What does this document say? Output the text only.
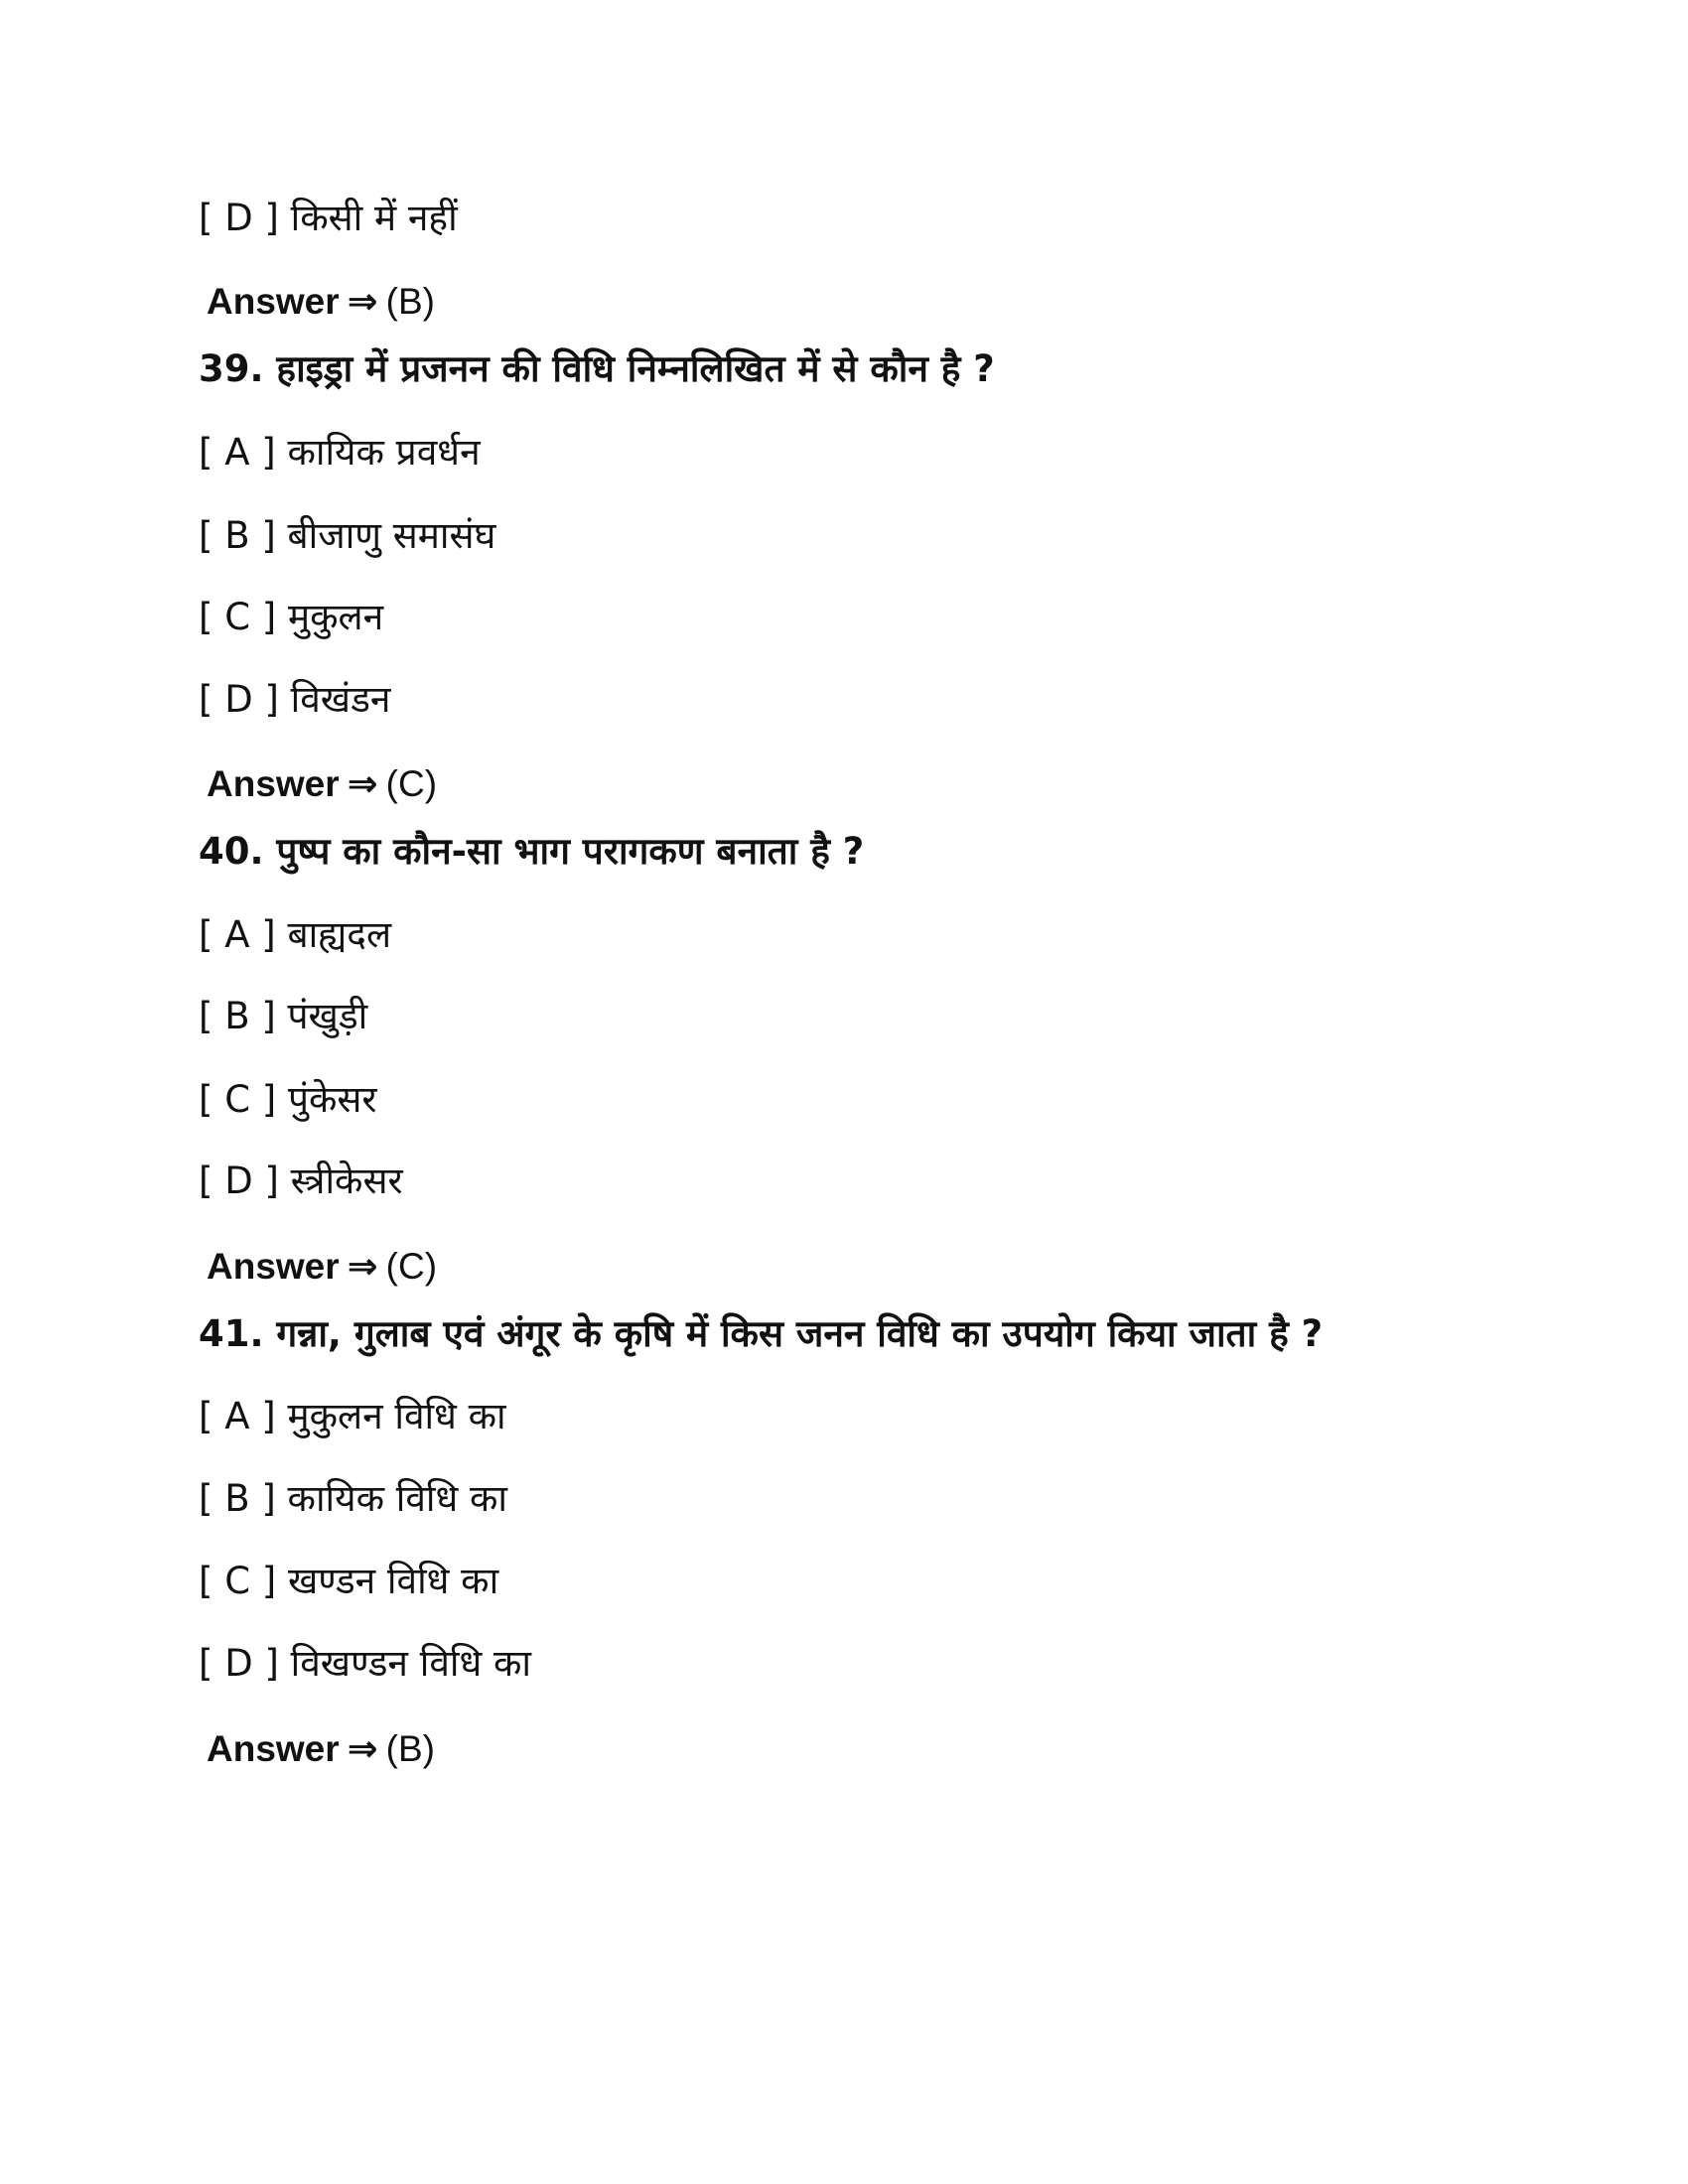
[ D ] किसी में नहीं
Answer ⇒ (B)
39. हाइड्रा में प्रजनन की विधि निम्नलिखित में से कौन है ?
[ A ] कायिक प्रवर्धन
[ B ] बीजाणु समासंघ
[ C ] मुकुलन
[ D ] विखंडन
Answer ⇒ (C)
40. पुष्प का कौन-सा भाग परागकण बनाता है ?
[ A ] बाह्यदल
[ B ] पंखुड़ी
[ C ] पुंकेसर
[ D ] स्त्रीकेसर
Answer ⇒ (C)
41. गन्ना, गुलाब एवं अंगूर के कृषि में किस जनन विधि का उपयोग किया जाता है ?
[ A ] मुकुलन विधि का
[ B ] कायिक विधि का
[ C ] खण्डन विधि का
[ D ] विखण्डन विधि का
Answer ⇒ (B)
